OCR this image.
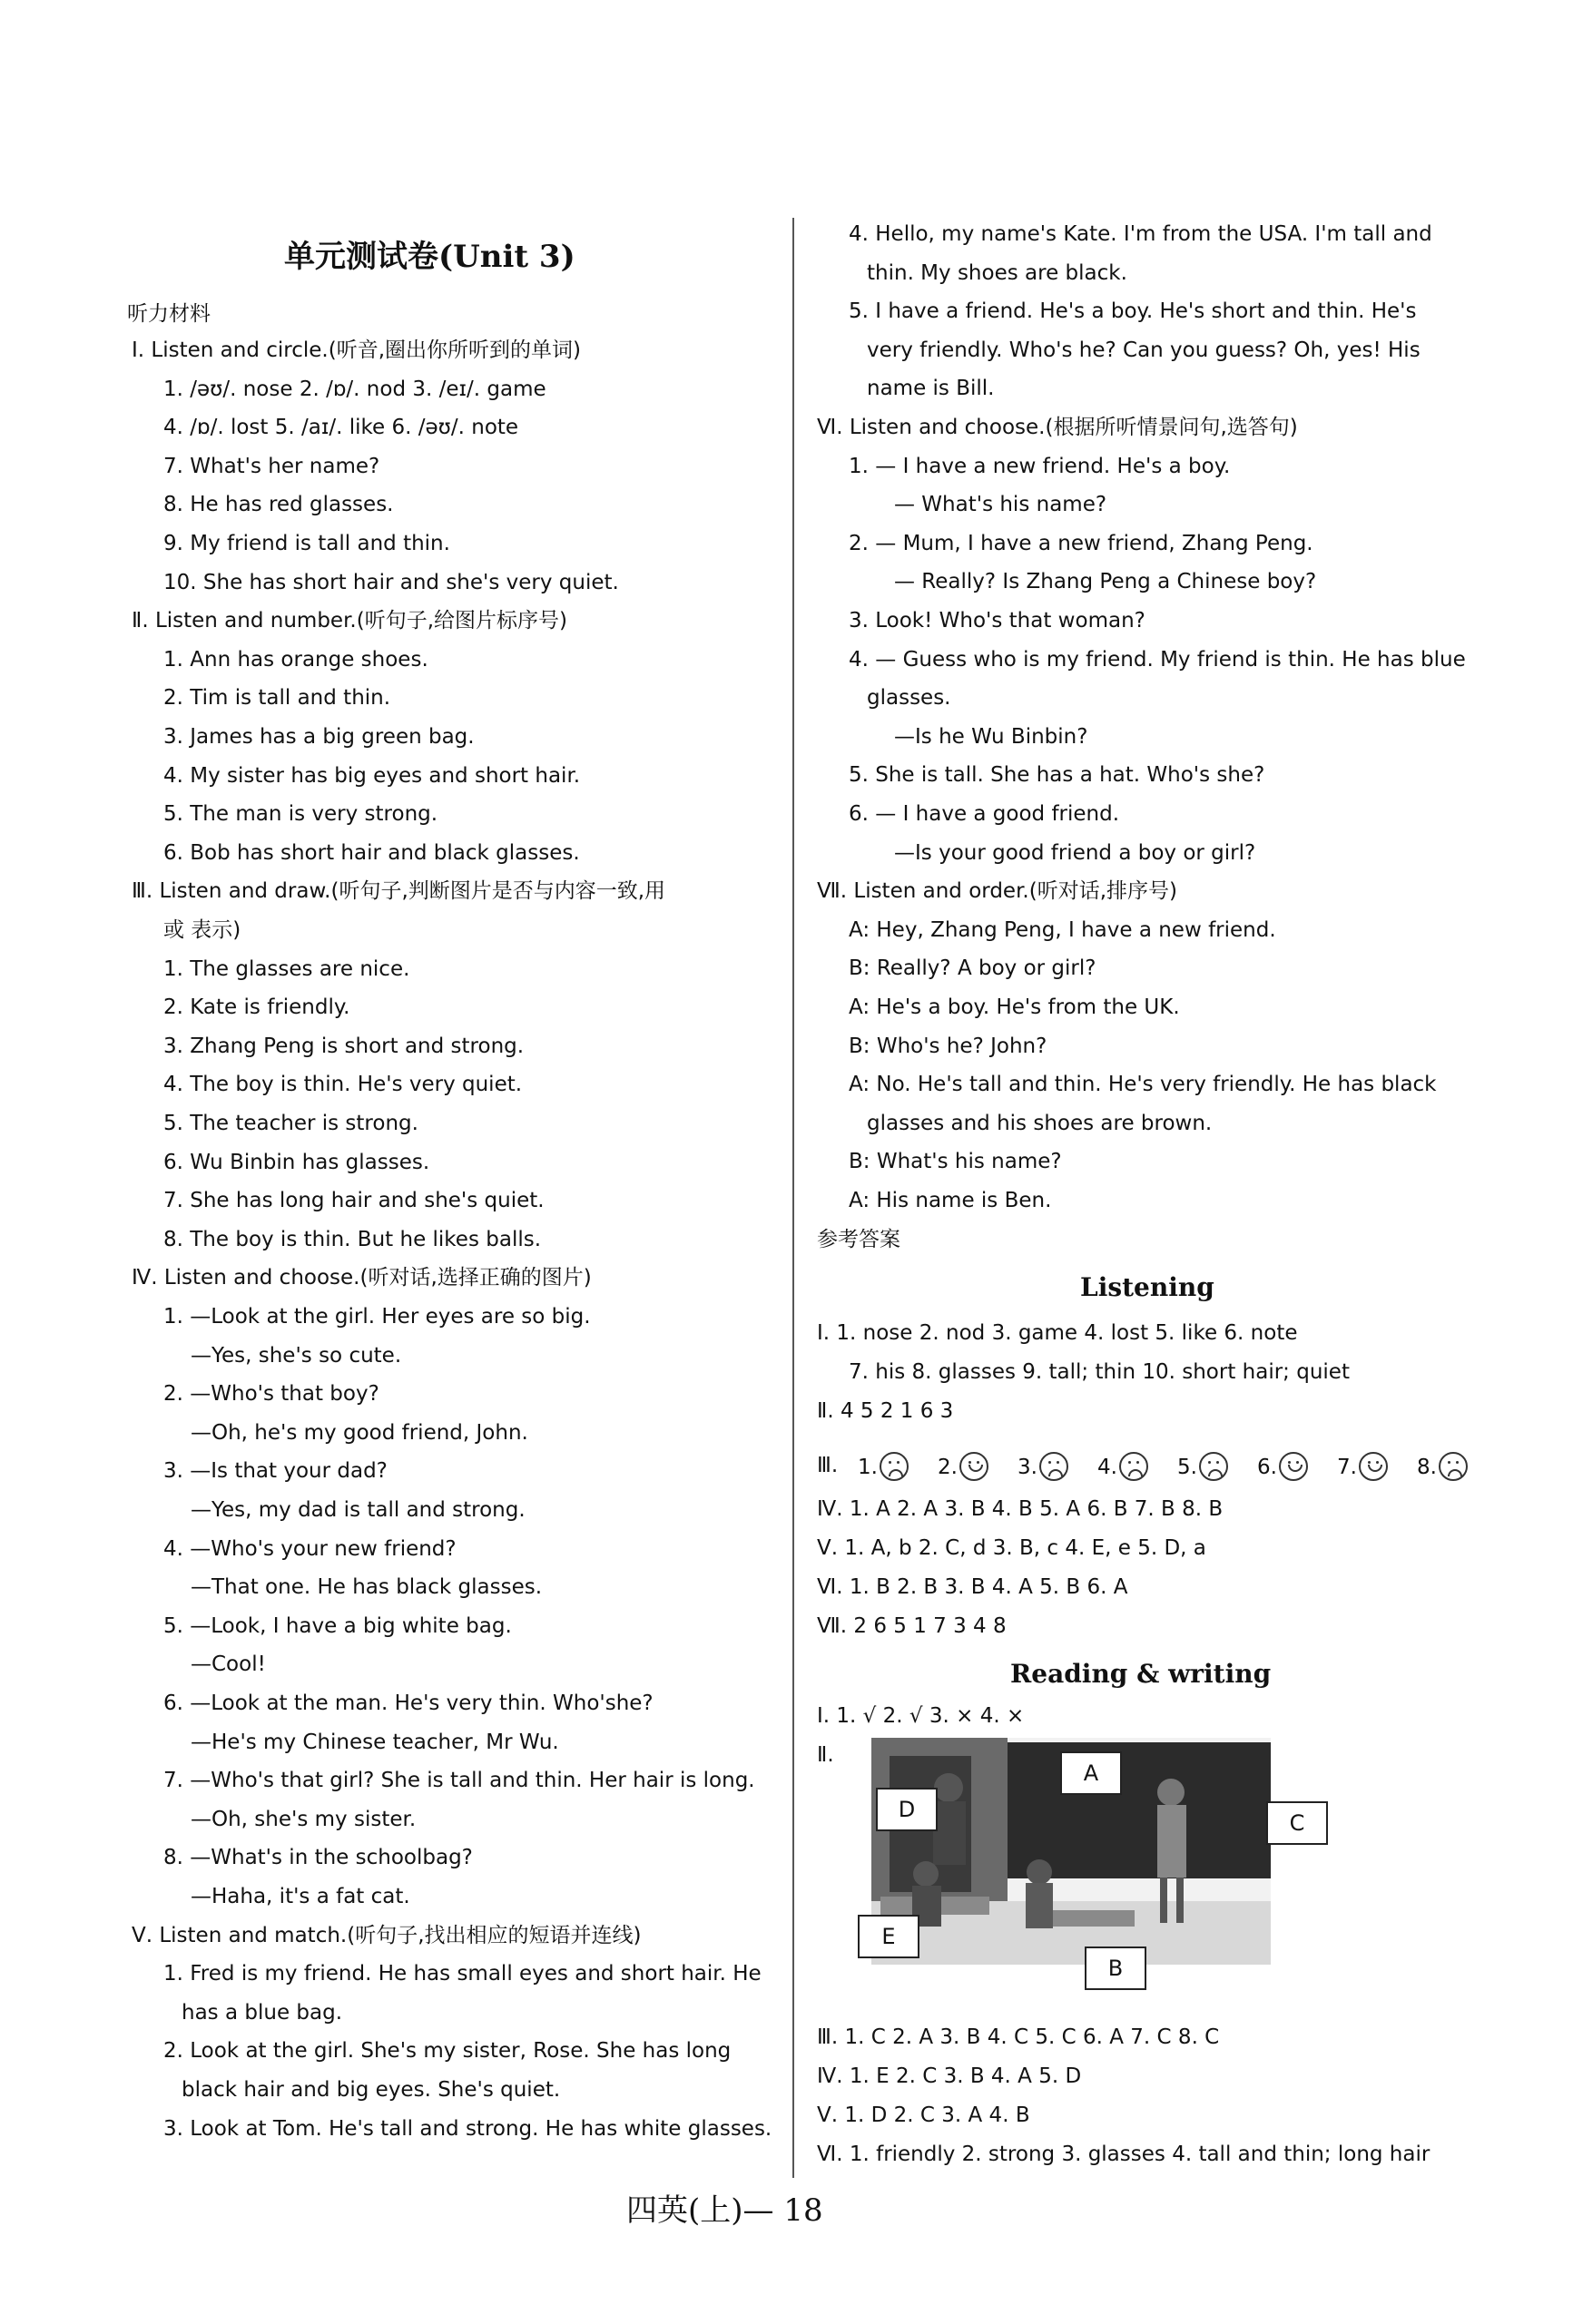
单元测试卷(Unit 3)
听力材料
Ⅰ. Listen and circle.(听音,圈出你所听到的单词)
1. /əʊ/. nose 2. /ɒ/. nod 3. /eɪ/. game
4. /ɒ/. lost 5. /aɪ/. like 6. /əʊ/. note
7. What's her name?
8. He has red glasses.
9. My friend is tall and thin.
10. She has short hair and she's very quiet.
Ⅱ. Listen and number.(听句子,给图片标序号)
1. Ann has orange shoes.
2. Tim is tall and thin.
3. James has a big green bag.
4. My sister has big eyes and short hair.
5. The man is very strong.
6. Bob has short hair and black glasses.
Ⅲ. Listen and draw.(听句子,判断图片是否与内容一致,用
或 表示)
1. The glasses are nice.
2. Kate is friendly.
3. Zhang Peng is short and strong.
4. The boy is thin. He's very quiet.
5. The teacher is strong.
6. Wu Binbin has glasses.
7. She has long hair and she's quiet.
8. The boy is thin. But he likes balls.
Ⅳ. Listen and choose.(听对话,选择正确的图片)
1. —Look at the girl. Her eyes are so big.
—Yes, she's so cute.
2. —Who's that boy?
—Oh, he's my good friend, John.
3. —Is that your dad?
—Yes, my dad is tall and strong.
4. —Who's your new friend?
—That one. He has black glasses.
5. —Look, I have a big white bag.
—Cool!
6. —Look at the man. He's very thin. Who'she?
—He's my Chinese teacher, Mr Wu.
7. —Who's that girl? She is tall and thin. Her hair is long.
—Oh, she's my sister.
8. —What's in the schoolbag?
—Haha, it's a fat cat.
Ⅴ. Listen and match.(听句子,找出相应的短语并连线)
1. Fred is my friend. He has small eyes and short hair. He
has a blue bag.
2. Look at the girl. She's my sister, Rose. She has long
black hair and big eyes. She's quiet.
3. Look at Tom. He's tall and strong. He has white glasses.
4. Hello, my name's Kate. I'm from the USA. I'm tall and
thin. My shoes are black.
5. I have a friend. He's a boy. He's short and thin. He's
very friendly. Who's he? Can you guess? Oh, yes! His
name is Bill.
Ⅵ. Listen and choose.(根据所听情景问句,选答句)
1. — I have a new friend. He's a boy.
— What's his name?
2. — Mum, I have a new friend, Zhang Peng.
— Really? Is Zhang Peng a Chinese boy?
3. Look! Who's that woman?
4. — Guess who is my friend. My friend is thin. He has blue
glasses.
—Is he Wu Binbin?
5. She is tall. She has a hat. Who's she?
6. — I have a good friend.
—Is your good friend a boy or girl?
Ⅶ. Listen and order.(听对话,排序号)
A: Hey, Zhang Peng, I have a new friend.
B: Really? A boy or girl?
A: He's a boy. He's from the UK.
B: Who's he? John?
A: No. He's tall and thin. He's very friendly. He has black
glasses and his shoes are brown.
B: What's his name?
A: His name is Ben.
参考答案
Listening
Ⅰ. 1. nose 2. nod 3. game 4. lost 5. like 6. note
7. his 8. glasses 9. tall; thin 10. short hair; quiet
Ⅱ. 4 5 2 1 6 3
Ⅲ.
Ⅳ. 1. A 2. A 3. B 4. B 5. A 6. B 7. B 8. B
Ⅴ. 1. A, b 2. C, d 3. B, c 4. E, e 5. D, a
Ⅵ. 1. B 2. B 3. B 4. A 5. B 6. A
Ⅶ. 2 6 5 1 7 3 4 8
1.	2.	3.	4.	5.	6.	7.	8.
Reading & writing
Ⅰ. 1. √ 2. √ 3. × 4. ×
Ⅱ.
Ⅲ. 1. C 2. A 3. B 4. C 5. C 6. A 7. C 8. C
Ⅳ. 1. E 2. C 3. B 4. A 5. D
Ⅴ. 1. D 2. C 3. A 4. B
Ⅵ. 1. friendly 2. strong 3. glasses 4. tall and thin; long hair
A
C
D
E
B
四英(上)— 18
